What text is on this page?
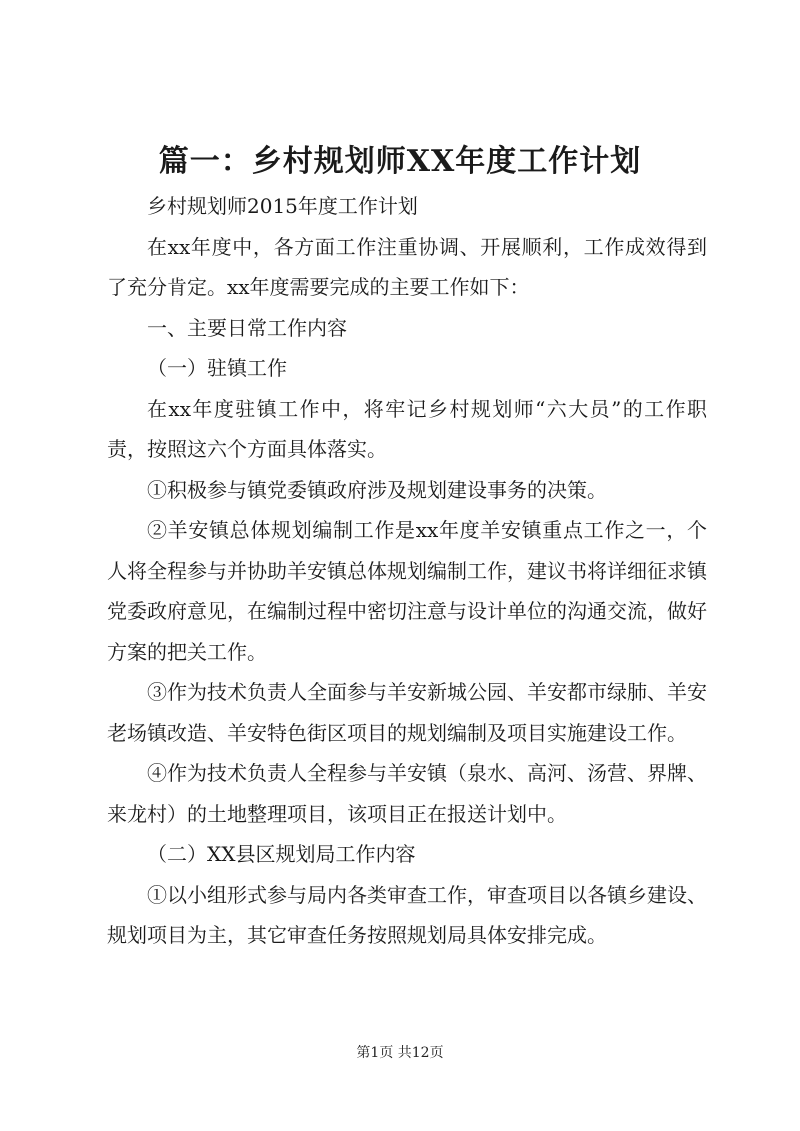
篇一：乡村规划师XX年度工作计划

乡村规划师2015年度工作计划

在xx年度中，各方面工作注重协调、开展顺利，工作成效得到了充分肯定。xx年度需要完成的主要工作如下：

一、主要日常工作内容

（一）驻镇工作

在xx年度驻镇工作中，将牢记乡村规划师“六大员”的工作职责，按照这六个方面具体落实。

①积极参与镇党委镇政府涉及规划建设事务的决策。

②羊安镇总体规划编制工作是xx年度羊安镇重点工作之一，个人将全程参与并协助羊安镇总体规划编制工作，建议书将详细征求镇党委政府意见，在编制过程中密切注意与设计单位的沟通交流，做好方案的把关工作。

③作为技术负责人全面参与羊安新城公园、羊安都市绿肺、羊安老场镇改造、羊安特色街区项目的规划编制及项目实施建设工作。

④作为技术负责人全程参与羊安镇（泉水、高河、汤营、界牌、来龙村）的土地整理项目，该项目正在报送计划中。

（二）XX县区规划局工作内容

①以小组形式参与局内各类审查工作，审查项目以各镇乡建设、规划项目为主，其它审查任务按照规划局具体安排完成。

第1页 共12页
